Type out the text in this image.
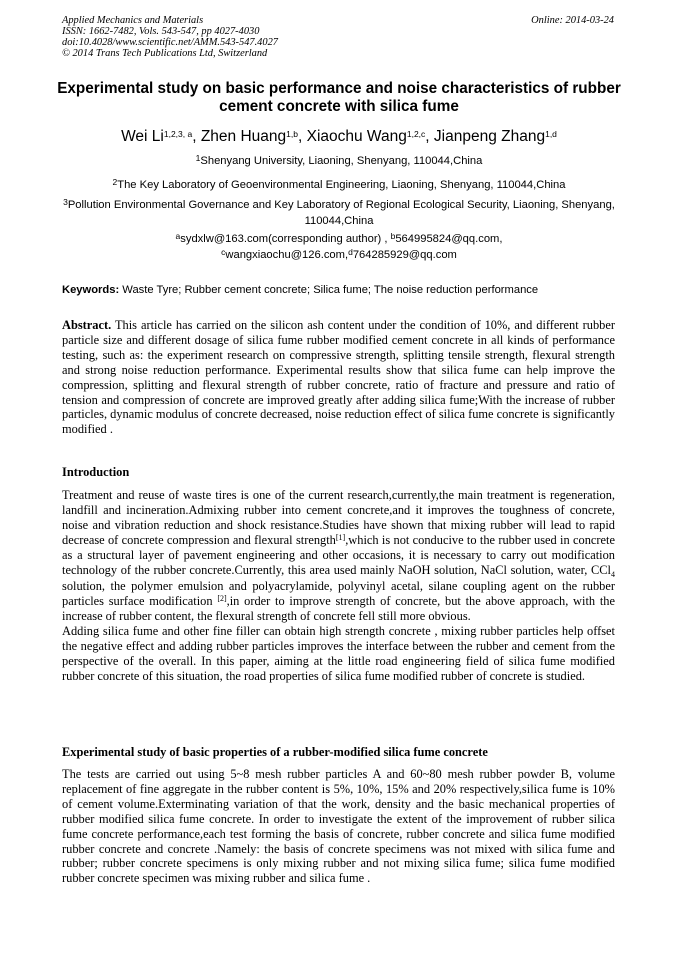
Applied Mechanics and Materials
ISSN: 1662-7482, Vols. 543-547, pp 4027-4030
doi:10.4028/www.scientific.net/AMM.543-547.4027
© 2014 Trans Tech Publications Ltd, Switzerland
Online: 2014-03-24
Experimental study on basic performance and noise characteristics of rubber cement concrete with silica fume
Wei Li$^{1,2,3, a}$, Zhen Huang$^{1,b}$, Xiaochu Wang$^{1,2,c}$, Jianpeng Zhang$^{1,d}$
$^1$Shenyang University, Liaoning, Shenyang, 110044,China
$^2$The Key Laboratory of Geoenvironmental Engineering, Liaoning, Shenyang, 110044,China
$^3$Pollution Environmental Governance and Key Laboratory of Regional Ecological Security, Liaoning, Shenyang, 110044,China
$^a$sydxlw@163.com(corresponding author) , $^b$564995824@qq.com, $^c$wangxiaochu@126.com,$^d$764285929@qq.com
Keywords: Waste Tyre; Rubber cement concrete; Silica fume; The noise reduction performance

Abstract. This article has carried on the silicon ash content under the condition of 10%, and different rubber particle size and different dosage of silica fume rubber modified cement concrete in all kinds of performance testing, such as: the experiment research on compressive strength, splitting tensile strength, flexural strength and strong noise reduction performance. Experimental results show that silica fume can help improve the compression, splitting and flexural strength of rubber concrete, ratio of fracture and pressure and ratio of tension and compression of concrete are improved greatly after adding silica fume;With the increase of rubber particles, dynamic modulus of concrete decreased, noise reduction effect of silica fume concrete is significantly modified .

Introduction

Treatment and reuse of waste tires is one of the current research,currently,the main treatment is regeneration, landfill and incineration.Admixing rubber into cement concrete,and it improves the toughness of concrete, noise and vibration reduction and shock resistance.Studies have shown that mixing rubber will lead to rapid decrease of concrete compression and flexural strength[1],which is not conducive to the rubber used in concrete as a structural layer of pavement engineering and other occasions, it is necessary to carry out modification technology of the rubber concrete.Currently, this area used mainly NaOH solution, NaCl solution, water, CCl$_4$ solution, the polymer emulsion and polyacrylamide, polyvinyl acetal, silane coupling agent on the rubber particles surface modification [2],in order to improve strength of concrete, but the above approach, with the increase of rubber content, the flexural strength of concrete fell still more obvious.

Adding silica fume and other fine filler can obtain high strength concrete , mixing rubber particles help offset the negative effect and adding rubber particles improves the interface between the rubber and cement from the perspective of the overall. In this paper, aiming at the little road engineering field of silica fume modified rubber concrete of this situation, the road properties of silica fume modified rubber of concrete is studied.

Experimental study of basic properties of a rubber-modified silica fume concrete

The tests are carried out using 5~8 mesh rubber particles A and 60~80 mesh rubber powder B, volume replacement of fine aggregate in the rubber content is 5%, 10%, 15% and 20% respectively,silica fume is 10% of cement volume.Exterminating variation of that the work, density and the basic mechanical properties of rubber modified silica fume concrete. In order to investigate the extent of the improvement of rubber silica fume concrete performance,each test forming the basis of concrete, rubber concrete and silica fume modified rubber concrete and concrete .Namely: the basis of concrete specimens was not mixed with silica fume and rubber; rubber concrete specimens is only mixing rubber and not mixing silica fume; silica fume modified rubber concrete specimen was mixing rubber and silica fume .
